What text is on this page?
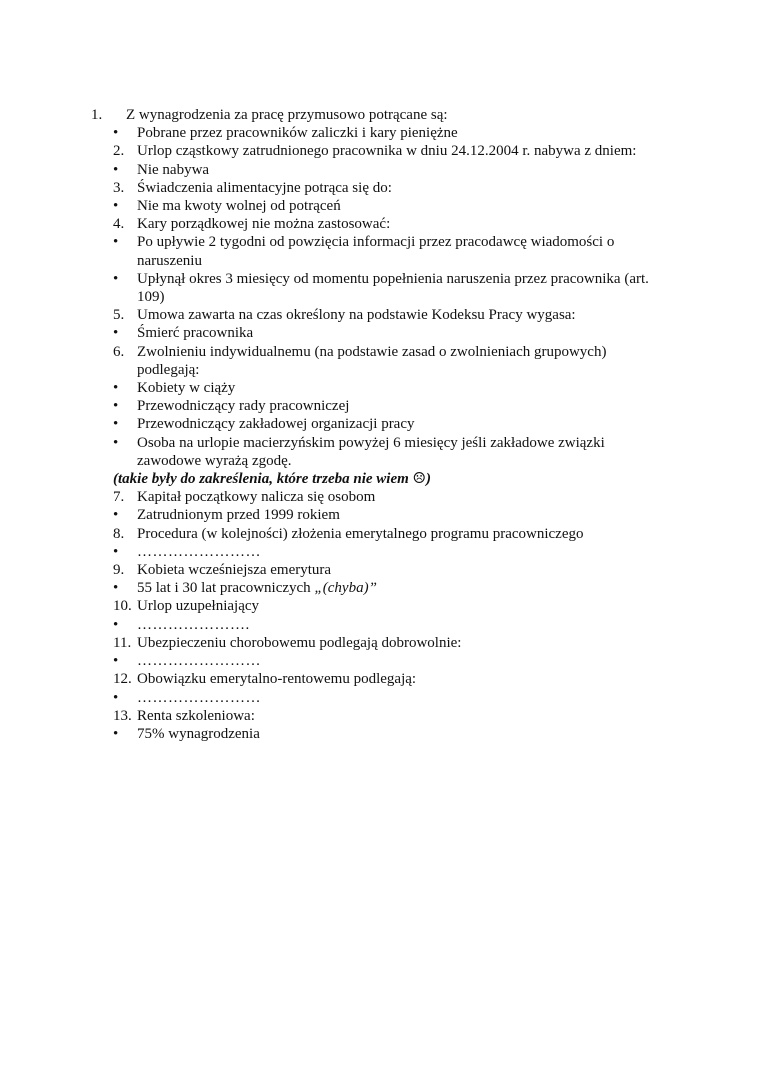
1. Z wynagrodzenia za pracę przymusowo potrącane są:
• Pobrane przez pracowników zaliczki i kary pieniężne
2. Urlop cząstkowy zatrudnionego pracownika w dniu 24.12.2004 r. nabywa z dniem:
• Nie nabywa
3. Świadczenia alimentacyjne potrąca się do:
• Nie ma kwoty wolnej od potrąceń
4. Kary porządkowej nie można zastosować:
• Po upływie 2 tygodni od powzięcia informacji przez pracodawcę wiadomości o naruszeniu
• Upłynął okres 3 miesięcy od momentu popełnienia naruszenia przez pracownika (art. 109)
5. Umowa zawarta na czas określony na podstawie Kodeksu Pracy wygasa:
• Śmierć pracownika
6. Zwolnieniu indywidualnemu (na podstawie zasad o zwolnieniach grupowych) podlegają:
• Kobiety w ciąży
• Przewodniczący rady pracowniczej
• Przewodniczący zakładowej organizacji pracy
• Osoba na urlopie macierzyńskim powyżej 6 miesięcy jeśli zakładowe związki zawodowe wyrażą zgodę.
(takie były do zakreślenia, które trzeba nie wiem ☹)
7. Kapitał początkowy nalicza się osobom
• Zatrudnionym przed 1999 rokiem
8. Procedura (w kolejności) złożenia emerytalnego programu pracowniczego
• ……………………
9. Kobieta wcześniejsza emerytura
• 55 lat i 30 lat pracowniczych „(chyba)”
10. Urlop uzupełniający
• ………………….
11. Ubezpieczeniu chorobowemu podlegają dobrowolnie:
• ……………………
12. Obowiązku emerytalno-rentowemu podlegają:
• ……………………
13. Renta szkoleniowa:
• 75% wynagrodzenia
